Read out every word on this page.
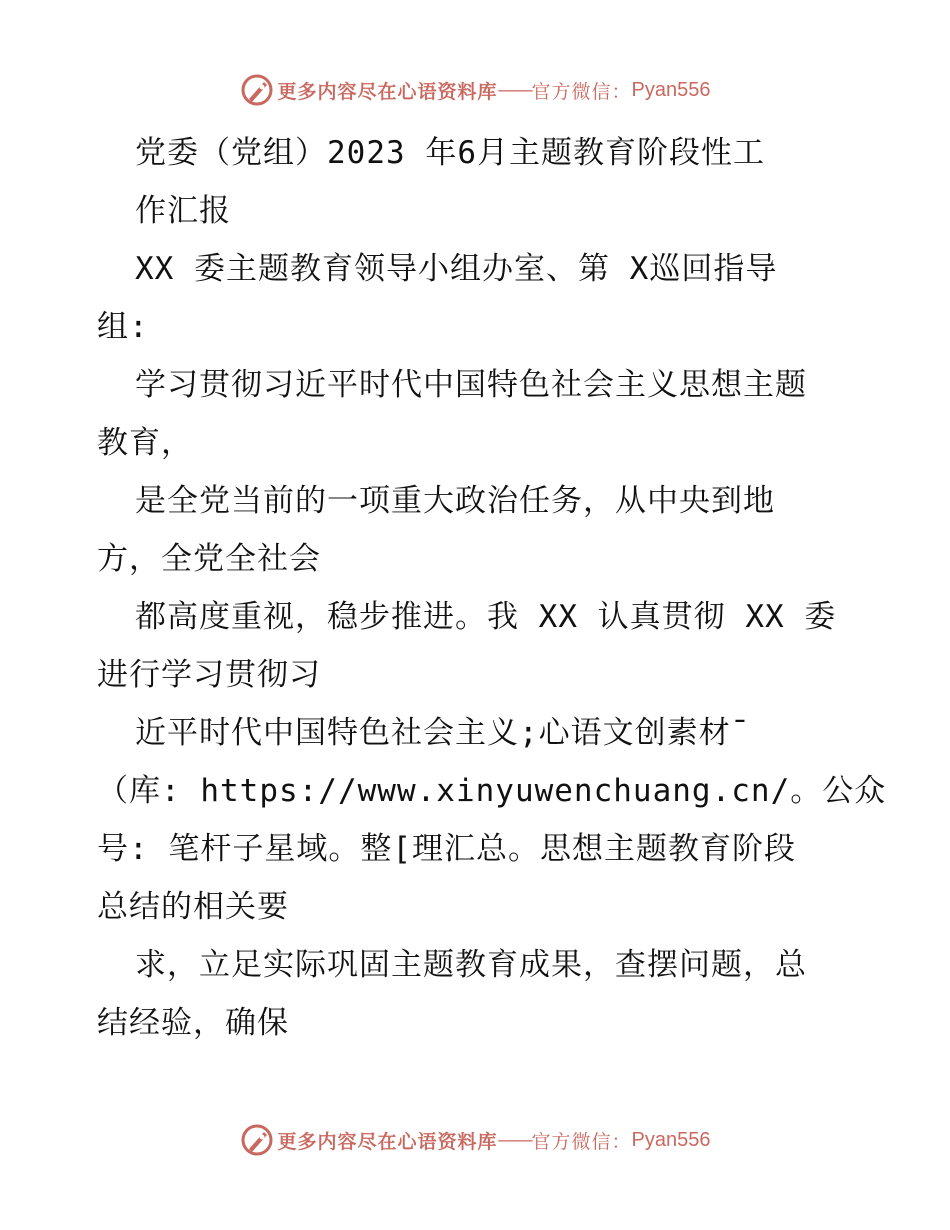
更多内容尽在心语资料库 —— 官方微信： Pyan556
党委（党组）2023 年6月主题教育阶段性工
作汇报
XX 委主题教育领导小组办室、第 X巡回指导
组:
学习贯彻习近平时代中国特色社会主义思想主题
教育，
是全党当前的一项重大政治任务，从中央到地
方，全党全社会
都高度重视，稳步推进。我 XX 认真贯彻 XX 委
进行学习贯彻习
近平时代中国特色社会主义;心语文创素材¯
（库: https://www.xinyuwenchuang.cn/。公众
号: 笔杆子星域。整[理汇总。思想主题教育阶段
总结的相关要
求，立足实际巩固主题教育成果，查摆问题，总
结经验，确保
更多内容尽在心语资料库 —— 官方微信： Pyan556
